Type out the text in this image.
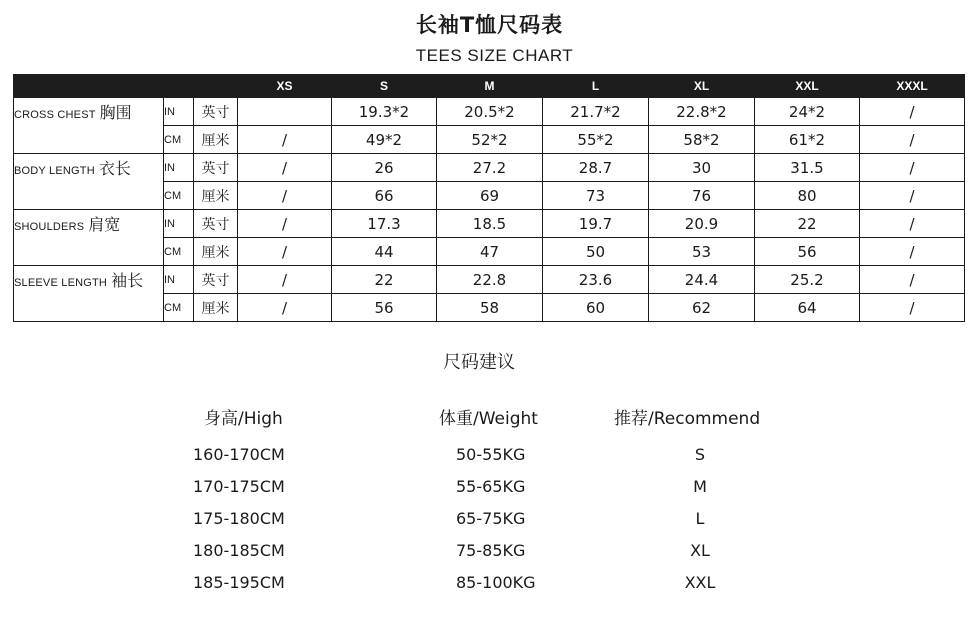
长袖T恤尺码表
TEES SIZE CHART
			XS	S	M	L	XL	XXL	XXXL
CROSS CHEST 胸围	IN	英寸		19.3*2	20.5*2	21.7*2	22.8*2	24*2	/
	CM	厘米	/	49*2	52*2	55*2	58*2	61*2	/
BODY LENGTH 衣长	IN	英寸	/	26	27.2	28.7	30	31.5	/
	CM	厘米	/	66	69	73	76	80	/
SHOULDERS 肩宽	IN	英寸	/	17.3	18.5	19.7	20.9	22	/
	CM	厘米	/	44	47	50	53	56	/
SLEEVE LENGTH 袖长	IN	英寸	/	22	22.8	23.6	24.4	25.2	/
	CM	厘米	/	56	58	60	62	64	/
尺码建议
身高/High	体重/Weight	推荐/Recommend
160-170CM	50-55KG	S
170-175CM	55-65KG	M
175-180CM	65-75KG	L
180-185CM	75-85KG	XL
185-195CM	85-100KG	XXL
